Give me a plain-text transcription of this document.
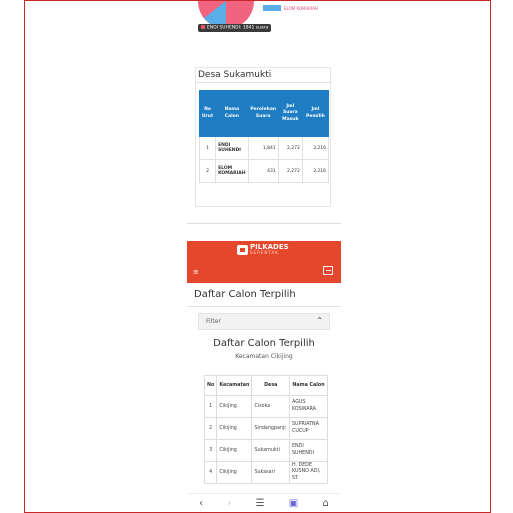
ELOM KOMARIAH
ENDI SUHENDI: 1841 suara
Desa Sukamukti
No Urut	Nama Calon	Perolehan Suara	Jml Suara Masuk	Jml Pemilih
1	ENDI SUHENDI	1,841	2,272	3,216
2	ELOM KOMARIAH	431	2,272	3,216
PILKADES
SERENTAK
≡
Daftar Calon Terpilih
Filter	⌃
Daftar Calon Terpilih
Kecamatan Cikijing
No	Kecamatan	Desa	Nama Calon
1	Cikijing	Cisoka	AGUS KOSWARA
2	Cikijing	Sindangpanji	SUPRIATNA CUCUP
3	Cikijing	Sukamukti	ENDI SUHENDI
4	Cikijing	Sukasari	H. DEDE KUSNO ADI, ST
‹ › ☰ ▣ ⌂
